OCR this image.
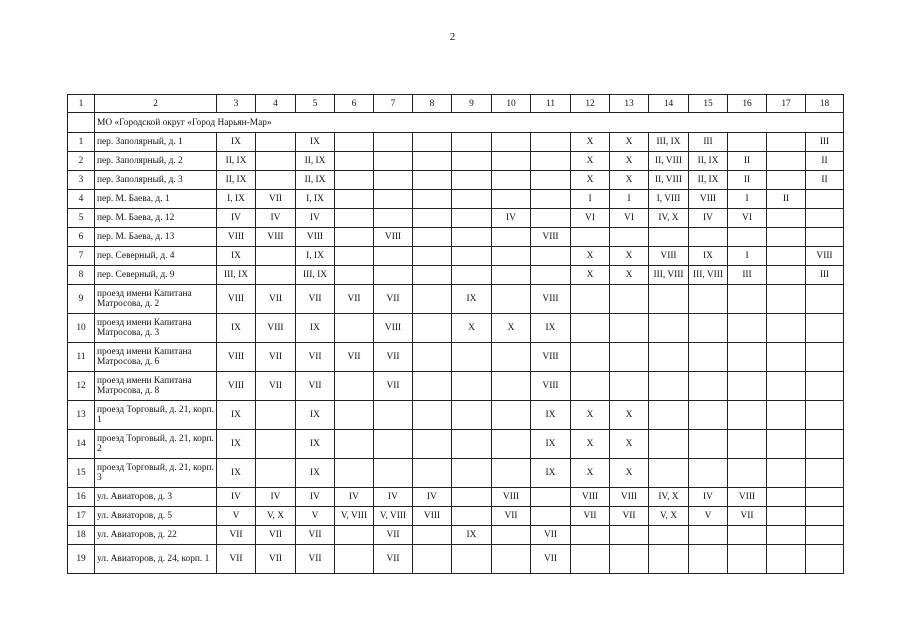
2
1	2	3	4	5	6	7	8	9	10	11	12	13	14	15	16	17	18
	МО «Городской округ «Город Нарьян-Мар»																
1	пер. Заполярный, д. 1	IX		IX							X	X	III, IX	III			III
2	пер. Заполярный, д. 2	II, IX		II, IX							X	X	II, VIII	II, IX	II		II
3	пер. Заполярный, д. 3	II, IX		II, IX							X	X	II, VIII	II, IX	II		II
4	пер. М. Баева, д. 1	I, IX	VII	I, IX							I	I	I, VIII	VIII	I	II	
5	пер. М. Баева, д. 12	IV	IV	IV					IV		VI	VI	IV, X	IV	VI		
6	пер. М. Баева, д. 13	VIII	VIII	VIII		VIII				VIII							
7	пер. Северный, д. 4	IX		I, IX							X	X	VIII	IX	I		VIII
8	пер. Северный, д. 9	III, IX		III, IX							X	X	III, VIII	III, VIII	III		III
9	проезд имени Капитана Матросова, д. 2	VIII	VII	VII	VII	VII		IX		VIII							
10	проезд имени Капитана Матросова, д. 3	IX	VIII	IX		VIII		X	X	IX							
11	проезд имени Капитана Матросова, д. 6	VIII	VII	VII	VII	VII				VIII							
12	проезд имени Капитана Матросова, д. 8	VIII	VII	VII		VII				VIII							
13	проезд Торговый, д. 21, корп. 1	IX		IX						IX	X	X					
14	проезд Торговый, д. 21, корп. 2	IX		IX						IX	X	X					
15	проезд Торговый, д. 21, корп. 3	IX		IX						IX	X	X					
16	ул. Авиаторов, д. 3	IV	IV	IV	IV	IV	IV		VIII		VIII	VIII	IV, X	IV	VIII		
17	ул. Авиаторов, д. 5	V	V, X	V	V, VIII	V, VIII	VIII		VII		VII	VII	V, X	V	VII		
18	ул. Авиаторов, д. 22	VII	VII	VII		VII		IX		VII							
19	ул. Авиаторов, д. 24, корп. 1	VII	VII	VII		VII				VII							
